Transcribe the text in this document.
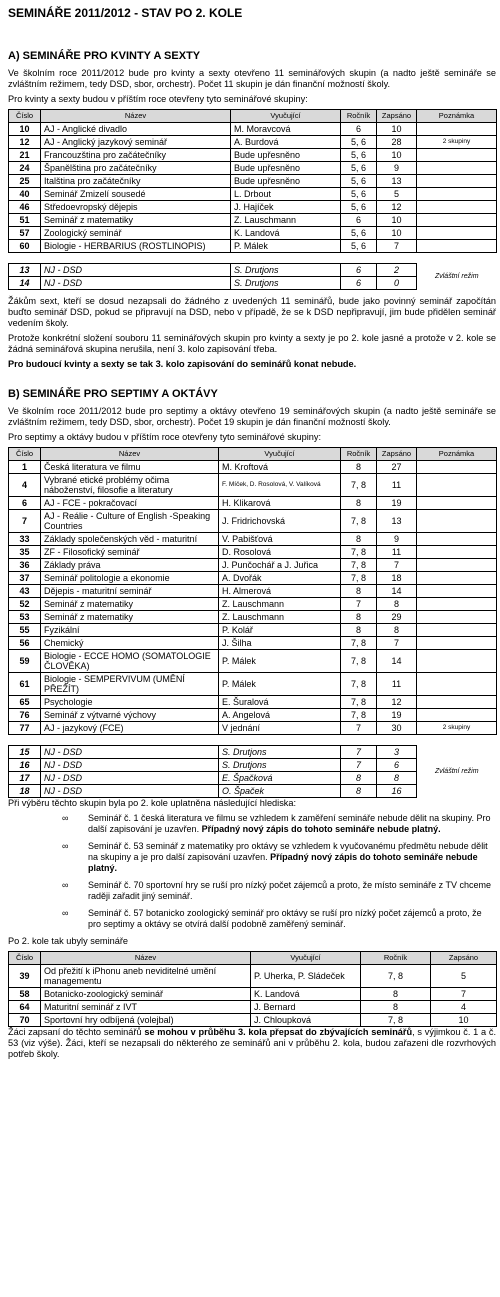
SEMINÁŘE 2011/2012 - STAV PO 2. KOLE
A) SEMINÁŘE PRO KVINTY A SEXTY

Ve školním roce 2011/2012 bude pro kvinty a sexty otevřeno 11 seminářových skupin (a nadto ještě semináře se zvláštním režimem, tedy DSD, sbor, orchestr). Počet 11 skupin je dán finanční možností školy.

Pro kvinty a sexty budou v příštím roce otevřeny tyto seminářové skupiny:

Číslo	Název	Vyučující	Ročník	Zapsáno	Poznámka
10	AJ - Anglické divadlo	M. Moravcová	6	10	
12	AJ - Anglický jazykový seminář	A. Burdová	5, 6	28	2 skupiny
21	Francouzština pro začátečníky	Bude upřesněno	5, 6	10	
24	Španělština pro začátečníky	Bude upřesněno	5, 6	9	
25	Italština pro začátečníky	Bude upřesněno	5, 6	13	
40	Seminář Zmizelí sousedé	L. Drbout	5, 6	5	
46	Středoevropský dějepis	J. Hajíček	5, 6	12	
51	Seminář z matematiky	Z. Lauschmann	6	10	
57	Zoologický seminář	K. Landová	5, 6	10	
60	Biologie - HERBARIUS (ROSTLINOPIS)	P. Málek	5, 6	7	
13	NJ - DSD	S. Drutjons	6	2	Zvláštní režim
14	NJ - DSD	S. Drutjons	6	0	

Žákům sext, kteří se dosud nezapsali do žádného z uvedených 11 seminářů, bude jako povinný seminář započítán buďto seminář DSD, pokud se připravují na DSD, nebo v případě, že se k DSD nepřipravují, jim bude přidělen seminář vedením školy.

Protože konkrétní složení souboru 11 seminářových skupin pro kvinty a sexty je po 2. kole jasné a protože v 2. kole se žádná seminářová skupina nerušila, není 3. kolo zapisování třeba.

Pro budoucí kvinty a sexty se tak 3. kolo zapisování do seminářů konat nebude.

B) SEMINÁŘE PRO SEPTIMY A OKTÁVY

Ve školním roce 2011/2012 bude pro septimy a oktávy otevřeno 19 seminářových skupin (a nadto ještě semináře se zvláštním režimem, tedy DSD, sbor, orchestr). Počet 19 skupin je dán finanční možností školy.

Pro septimy a oktávy budou v příštím roce otevřeny tyto seminářové skupiny:

Číslo	Název	Vyučující	Ročník	Zapsáno	Poznámka
1	Česká literatura ve filmu	M. Kroftová	8	27	
4	Vybrané etické problémy očima náboženství, filosofie a literatury	F. Míček, D. Rosolová, V. Valíková	7, 8	11	
6	AJ - FCE - pokračovací	H. Klikarová	8	19	
7	AJ - Reálie - Culture of English -Speaking Countries	J. Fridrichovská	7, 8	13	
33	Základy společenských věd - maturitní	V. Pabišťová	8	9	
35	ZF - Filosofický seminář	D. Rosolová	7, 8	11	
36	Základy práva	J. Punčochář a J. Juřica	7, 8	7	
37	Seminář politologie a ekonomie	A. Dvořák	7, 8	18	
43	Dějepis - maturitní seminář	H. Almerová	8	14	
52	Seminář z matematiky	Z. Lauschmann	7	8	
53	Seminář z matematiky	Z. Lauschmann	8	29	
55	Fyzikální	P. Kolář	8	8	
56	Chemický	J. Šilha	7, 8	7	
59	Biologie - ECCE HOMO (SOMATOLOGIE ČLOVĚKA)	P. Málek	7, 8	14	
61	Biologie - SEMPERVIVUM (UMĚNÍ PŘEŽÍT)	P. Málek	7, 8	11	
65	Psychologie	E. Šuralová	7, 8	12	
76	Seminář z výtvarné výchovy	A. Angelová	7, 8	19	
77	AJ - jazykový (FCE)	V jednání	7	30	2 skupiny
15	NJ - DSD	S. Drutjons	7	3	Zvláštní režim
16	NJ - DSD	S. Drutjons	7	6	
17	NJ - DSD	E. Špačková	8	8	
18	NJ - DSD	O. Špaček	8	16	

Při výběru těchto skupin byla po 2. kole uplatněna následující hlediska:

∞ Seminář č. 1 česká literatura ve filmu se vzhledem k zaměření semináře nebude dělit na skupiny. Pro další zapisování je uzavřen. Případný nový zápis do tohoto semináře nebude platný.
∞ Seminář č. 53 seminář z matematiky pro oktávy se vzhledem k vyučovanému předmětu nebude dělit na skupiny a je pro další zapisování uzavřen. Případný nový zápis do tohoto semináře nebude platný.
∞ Seminář č. 70 sportovní hry se ruší pro nízký počet zájemců a proto, že místo semináře z TV chceme raději zařadit jiný seminář.
∞ Seminář č. 57 botanicko zoologický seminář pro oktávy se ruší pro nízký počet zájemců a proto, že pro septimy a oktávy se otvírá další podobně zaměřený seminář.

Po 2. kole tak ubyly semináře

Číslo	Název	Vyučující	Ročník	Zapsáno
39	Od přežití k iPhonu aneb neviditelné umění managementu	P. Uherka, P. Sládeček	7, 8	5
58	Botanicko-zoologický seminář	K. Landová	8	7
64	Maturitní seminář z IVT	J. Bernard	8	4
70	Sportovní hry odbíjená (volejbal)	J. Chloupková	7, 8	10

Žáci zapsaní do těchto seminářů se mohou v průběhu 3. kola přepsat do zbývajících seminářů, s výjimkou č. 1 a č. 53 (viz výše). Žáci, kteří se nezapsali do některého ze seminářů ani v průběhu 2. kola, budou zařazeni dle rozvrhových potřeb školy.
